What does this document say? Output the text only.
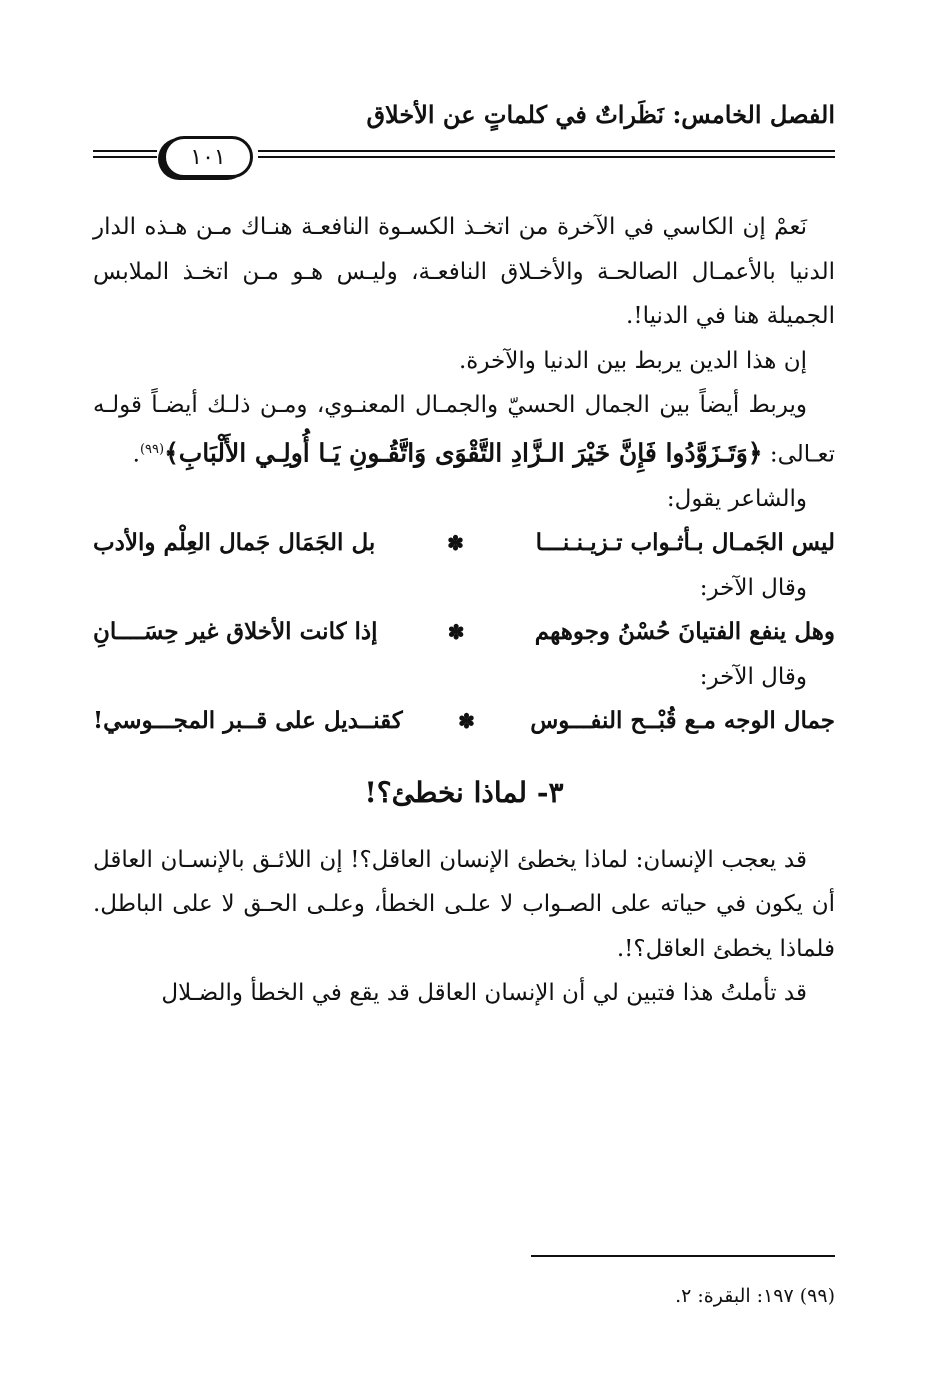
الفصل الخامس: نَظَراتٌ في كلماتٍ عن الأخلاق
١٠١

نَعمْ إن الكاسي في الآخرة من اتخـذ الكسـوة النافعـة هنـاك مـن هـذه الدار الدنيا بالأعمـال الصالحـة والأخـلاق النافعـة، وليـس هـو مـن اتخـذ الملابس الجميلة هنا في الدنيا!.

إن هذا الدين يربط بين الدنيا والآخرة.

ويربط أيضاً بين الجمال الحسيّ والجمـال المعنـوي، ومـن ذلـك أيضـاً قولـه تعـالى: ﴿وَتَـزَوَّدُوا فَإِنَّ خَيْرَ الـزَّادِ التَّقْوَى وَاتَّقُـونِ يَـا أُولِـي الأَلْبَابِ﴾$^{(٩٩)}$.

والشاعر يقول:

ليس الجَمـال بـأثـواب تـزيـنـنـــا
✽
بل الجَمَال جَمال العِلْم والأدب

وقال الآخر:

وهل ينفع الفتيانَ حُسْنُ وجوههم
✽
إذا كانت الأخلاق غير حِسَــــانِ

وقال الآخر:

جمال الوجه مـع قُبْــح النفـــوس
✽
كقنــديل على قــبر المجـــوسي!
٣- لماذا نخطئ؟!

قد يعجب الإنسان: لماذا يخطئ الإنسان العاقل؟! إن اللائـق بالإنسـان العاقل أن يكون في حياته على الصـواب لا علـى الخطأ، وعلـى الحـق لا على الباطل. فلماذا يخطئ العاقل؟!.

قد تأملتُ هذا فتبين لي أن الإنسان العاقل قد يقع في الخطأ والضـلال

(٩٩) ١٩٧: البقرة: ٢.
